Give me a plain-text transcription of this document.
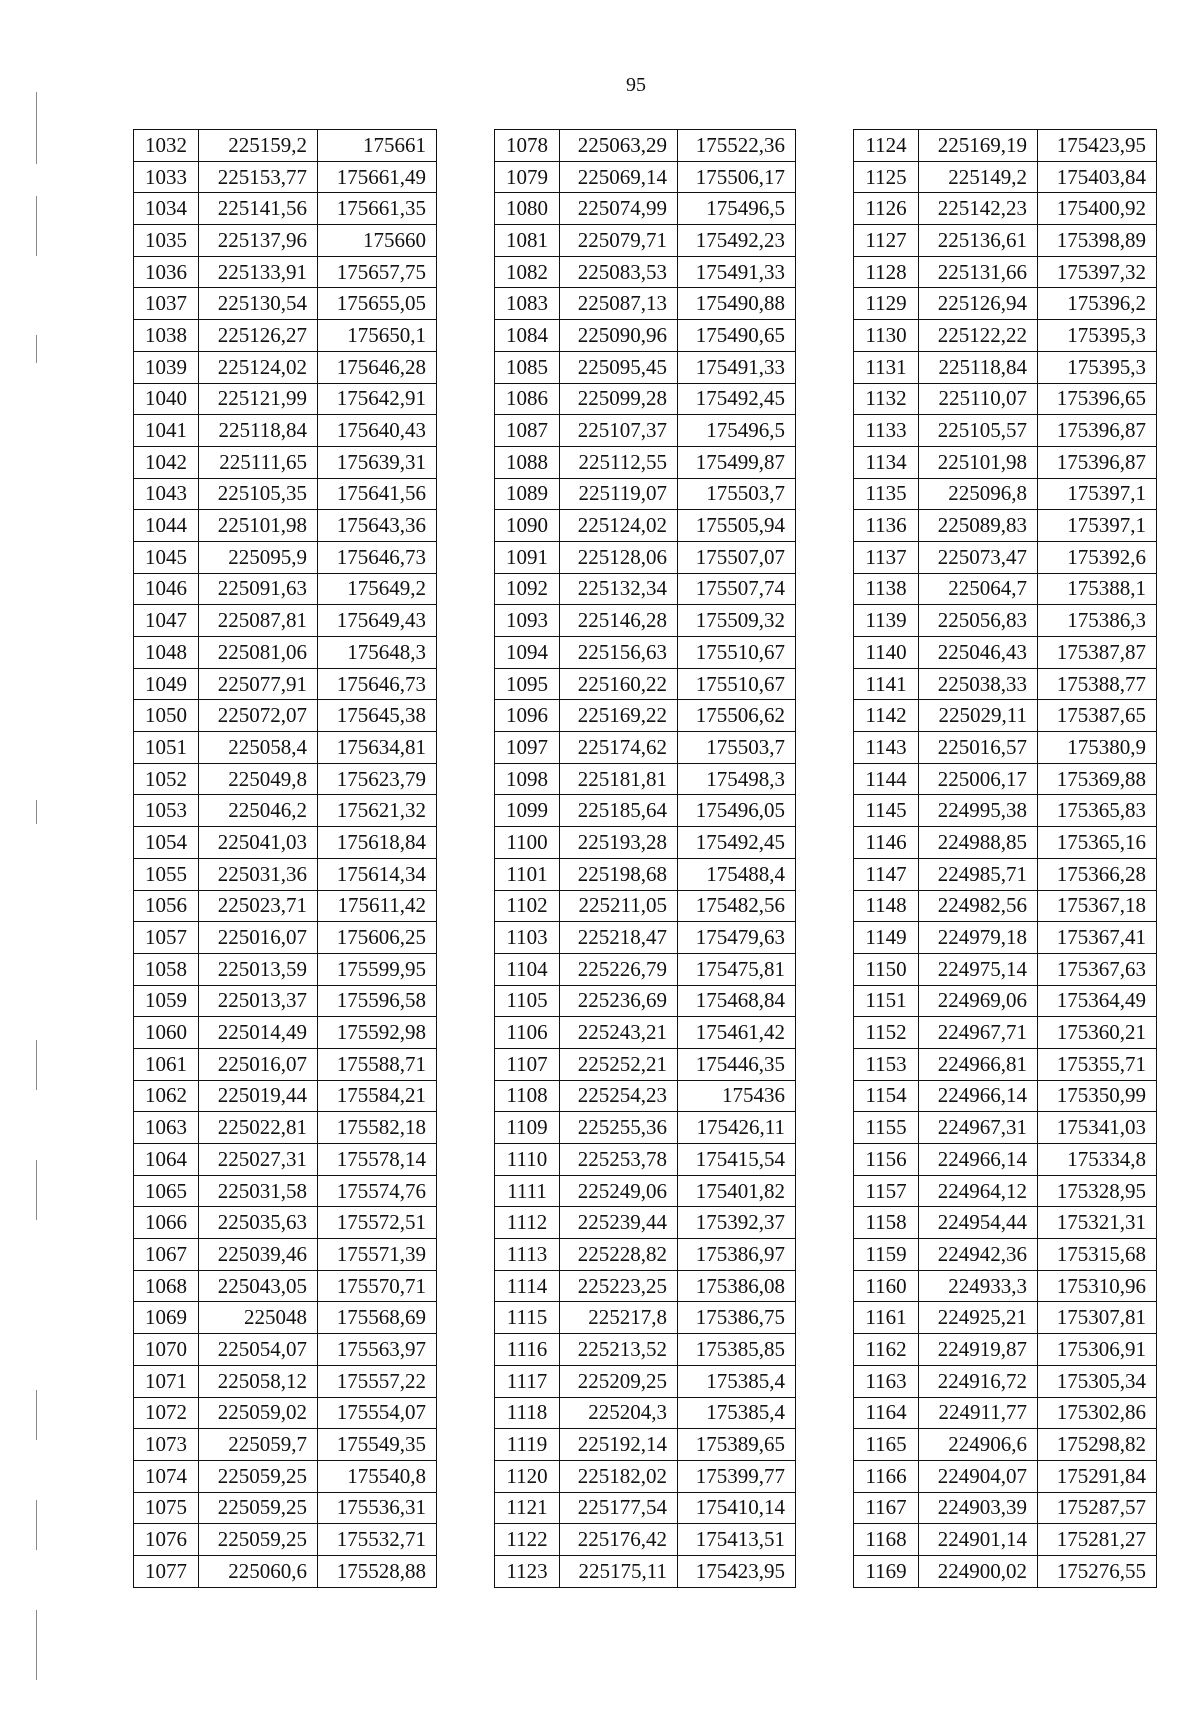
95
1032	225159,2	175661
1033	225153,77	175661,49
1034	225141,56	175661,35
1035	225137,96	175660
1036	225133,91	175657,75
1037	225130,54	175655,05
1038	225126,27	175650,1
1039	225124,02	175646,28
1040	225121,99	175642,91
1041	225118,84	175640,43
1042	225111,65	175639,31
1043	225105,35	175641,56
1044	225101,98	175643,36
1045	225095,9	175646,73
1046	225091,63	175649,2
1047	225087,81	175649,43
1048	225081,06	175648,3
1049	225077,91	175646,73
1050	225072,07	175645,38
1051	225058,4	175634,81
1052	225049,8	175623,79
1053	225046,2	175621,32
1054	225041,03	175618,84
1055	225031,36	175614,34
1056	225023,71	175611,42
1057	225016,07	175606,25
1058	225013,59	175599,95
1059	225013,37	175596,58
1060	225014,49	175592,98
1061	225016,07	175588,71
1062	225019,44	175584,21
1063	225022,81	175582,18
1064	225027,31	175578,14
1065	225031,58	175574,76
1066	225035,63	175572,51
1067	225039,46	175571,39
1068	225043,05	175570,71
1069	225048	175568,69
1070	225054,07	175563,97
1071	225058,12	175557,22
1072	225059,02	175554,07
1073	225059,7	175549,35
1074	225059,25	175540,8
1075	225059,25	175536,31
1076	225059,25	175532,71
1077	225060,6	175528,88
1078	225063,29	175522,36
1079	225069,14	175506,17
1080	225074,99	175496,5
1081	225079,71	175492,23
1082	225083,53	175491,33
1083	225087,13	175490,88
1084	225090,96	175490,65
1085	225095,45	175491,33
1086	225099,28	175492,45
1087	225107,37	175496,5
1088	225112,55	175499,87
1089	225119,07	175503,7
1090	225124,02	175505,94
1091	225128,06	175507,07
1092	225132,34	175507,74
1093	225146,28	175509,32
1094	225156,63	175510,67
1095	225160,22	175510,67
1096	225169,22	175506,62
1097	225174,62	175503,7
1098	225181,81	175498,3
1099	225185,64	175496,05
1100	225193,28	175492,45
1101	225198,68	175488,4
1102	225211,05	175482,56
1103	225218,47	175479,63
1104	225226,79	175475,81
1105	225236,69	175468,84
1106	225243,21	175461,42
1107	225252,21	175446,35
1108	225254,23	175436
1109	225255,36	175426,11
1110	225253,78	175415,54
1111	225249,06	175401,82
1112	225239,44	175392,37
1113	225228,82	175386,97
1114	225223,25	175386,08
1115	225217,8	175386,75
1116	225213,52	175385,85
1117	225209,25	175385,4
1118	225204,3	175385,4
1119	225192,14	175389,65
1120	225182,02	175399,77
1121	225177,54	175410,14
1122	225176,42	175413,51
1123	225175,11	175423,95
1124	225169,19	175423,95
1125	225149,2	175403,84
1126	225142,23	175400,92
1127	225136,61	175398,89
1128	225131,66	175397,32
1129	225126,94	175396,2
1130	225122,22	175395,3
1131	225118,84	175395,3
1132	225110,07	175396,65
1133	225105,57	175396,87
1134	225101,98	175396,87
1135	225096,8	175397,1
1136	225089,83	175397,1
1137	225073,47	175392,6
1138	225064,7	175388,1
1139	225056,83	175386,3
1140	225046,43	175387,87
1141	225038,33	175388,77
1142	225029,11	175387,65
1143	225016,57	175380,9
1144	225006,17	175369,88
1145	224995,38	175365,83
1146	224988,85	175365,16
1147	224985,71	175366,28
1148	224982,56	175367,18
1149	224979,18	175367,41
1150	224975,14	175367,63
1151	224969,06	175364,49
1152	224967,71	175360,21
1153	224966,81	175355,71
1154	224966,14	175350,99
1155	224967,31	175341,03
1156	224966,14	175334,8
1157	224964,12	175328,95
1158	224954,44	175321,31
1159	224942,36	175315,68
1160	224933,3	175310,96
1161	224925,21	175307,81
1162	224919,87	175306,91
1163	224916,72	175305,34
1164	224911,77	175302,86
1165	224906,6	175298,82
1166	224904,07	175291,84
1167	224903,39	175287,57
1168	224901,14	175281,27
1169	224900,02	175276,55
